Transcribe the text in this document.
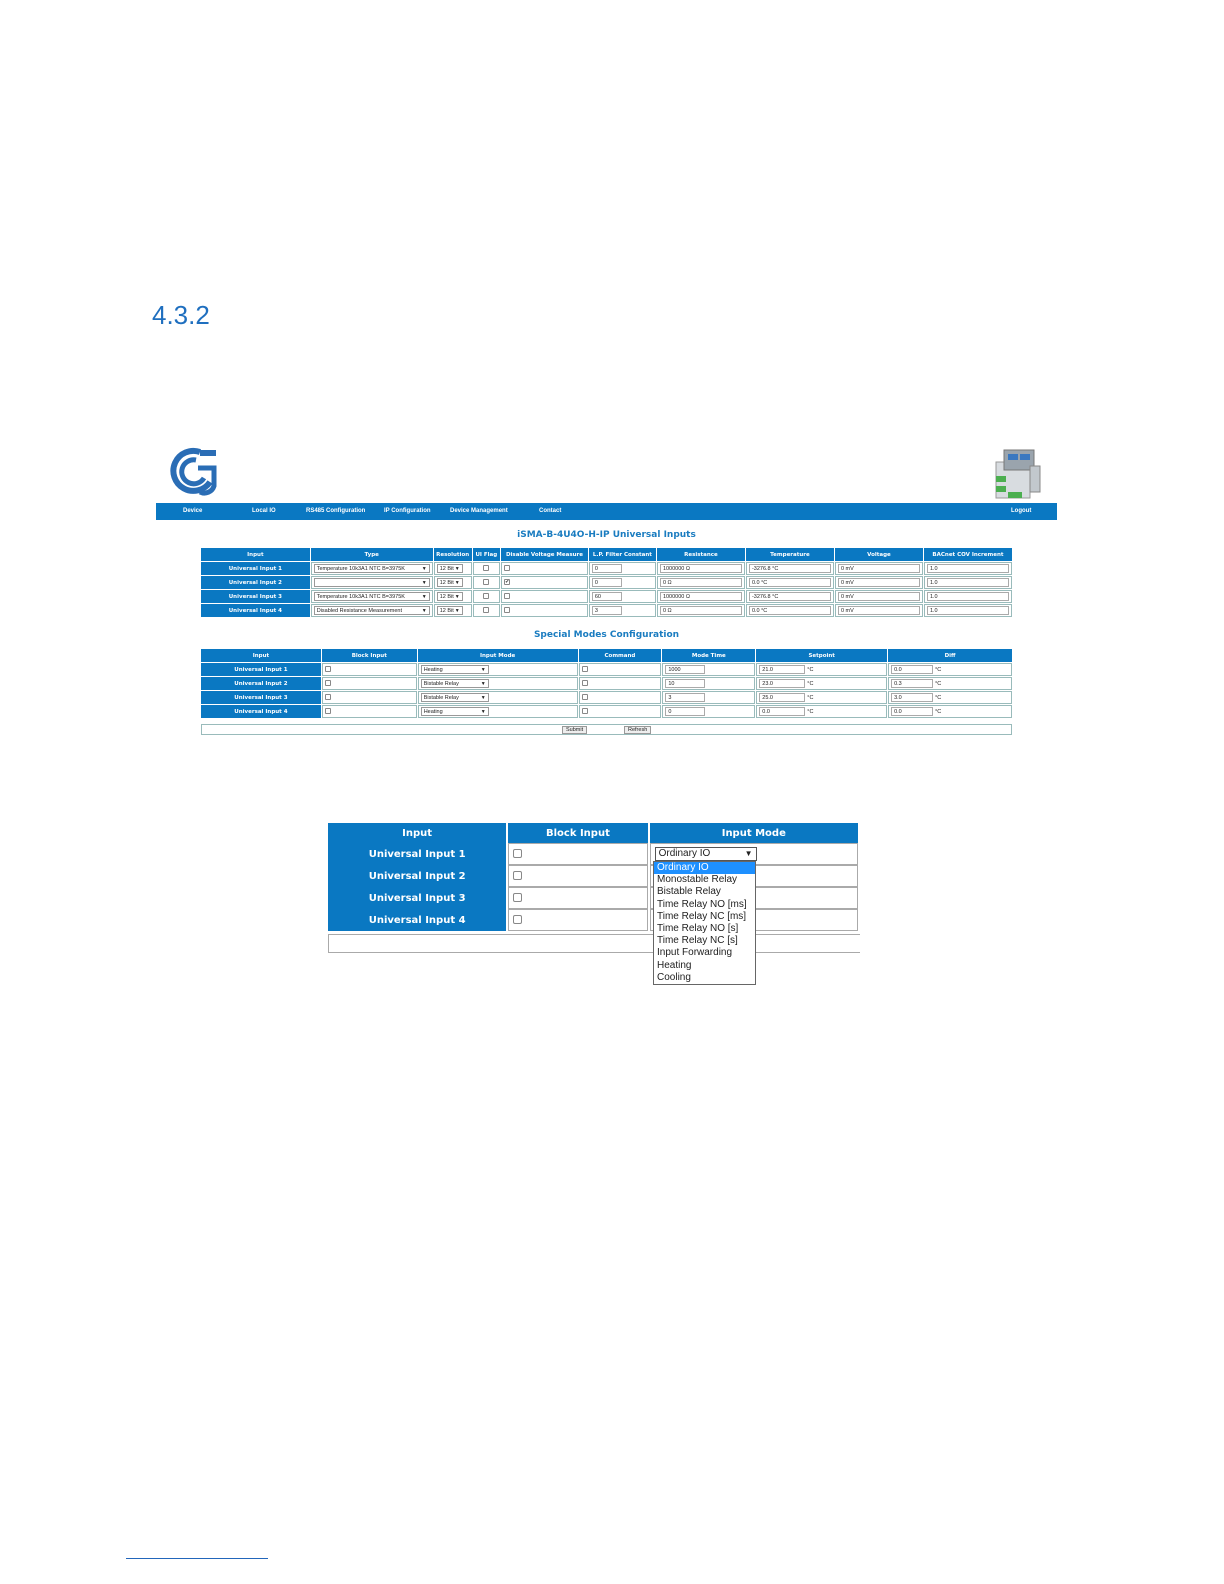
4.3.2
Device	Local IO	RS485 Configuration	IP Configuration	Device Management	Contact	Logout
iSMA-B-4U4O-H-IP Universal Inputs
Input	Type	Resolution	UI Flag	Disable Voltage Measure	L.P. Filter Constant	Resistance	Temperature	Voltage	BACnet COV Increment
Universal Input 1	Temperature 10k3A1 NTC B=3975K ▼	12 Bit ▼			0	1000000 Ω	-3276.8 °C	0 mV	1.0
Universal Input 2	▼	12 Bit ▼		✔	0	0 Ω	0.0 °C	0 mV	1.0
Universal Input 3	Temperature 10k3A1 NTC B=3975K ▼	12 Bit ▼			60	1000000 Ω	-3276.8 °C	0 mV	1.0
Universal Input 4	Disabled Resistance Measurement ▼	12 Bit ▼			3	0 Ω	0.0 °C	0 mV	1.0
Special Modes Configuration
Input	Block Input	Input Mode	Command	Mode Time	Setpoint	Diff
Universal Input 1		Heating ▼		1000	21.0 °C	0.0 °C
Universal Input 2		Bistable Relay ▼		10	23.0 °C	0.3 °C
Universal Input 3		Bistable Relay ▼		3	25.0 °C	3.0 °C
Universal Input 4		Heating ▼		0	0.0 °C	0.0 °C
Submit	Refresh
Input	Block Input	Input Mode
Universal Input 1		Ordinary IO ▼

Universal Input 2		
Universal Input 3		
Universal Input 4		
Ordinary IO
Monostable Relay
Bistable Relay
Time Relay NO [ms]
Time Relay NC [ms]
Time Relay NO [s]
Time Relay NC [s]
Input Forwarding
Heating
Cooling
